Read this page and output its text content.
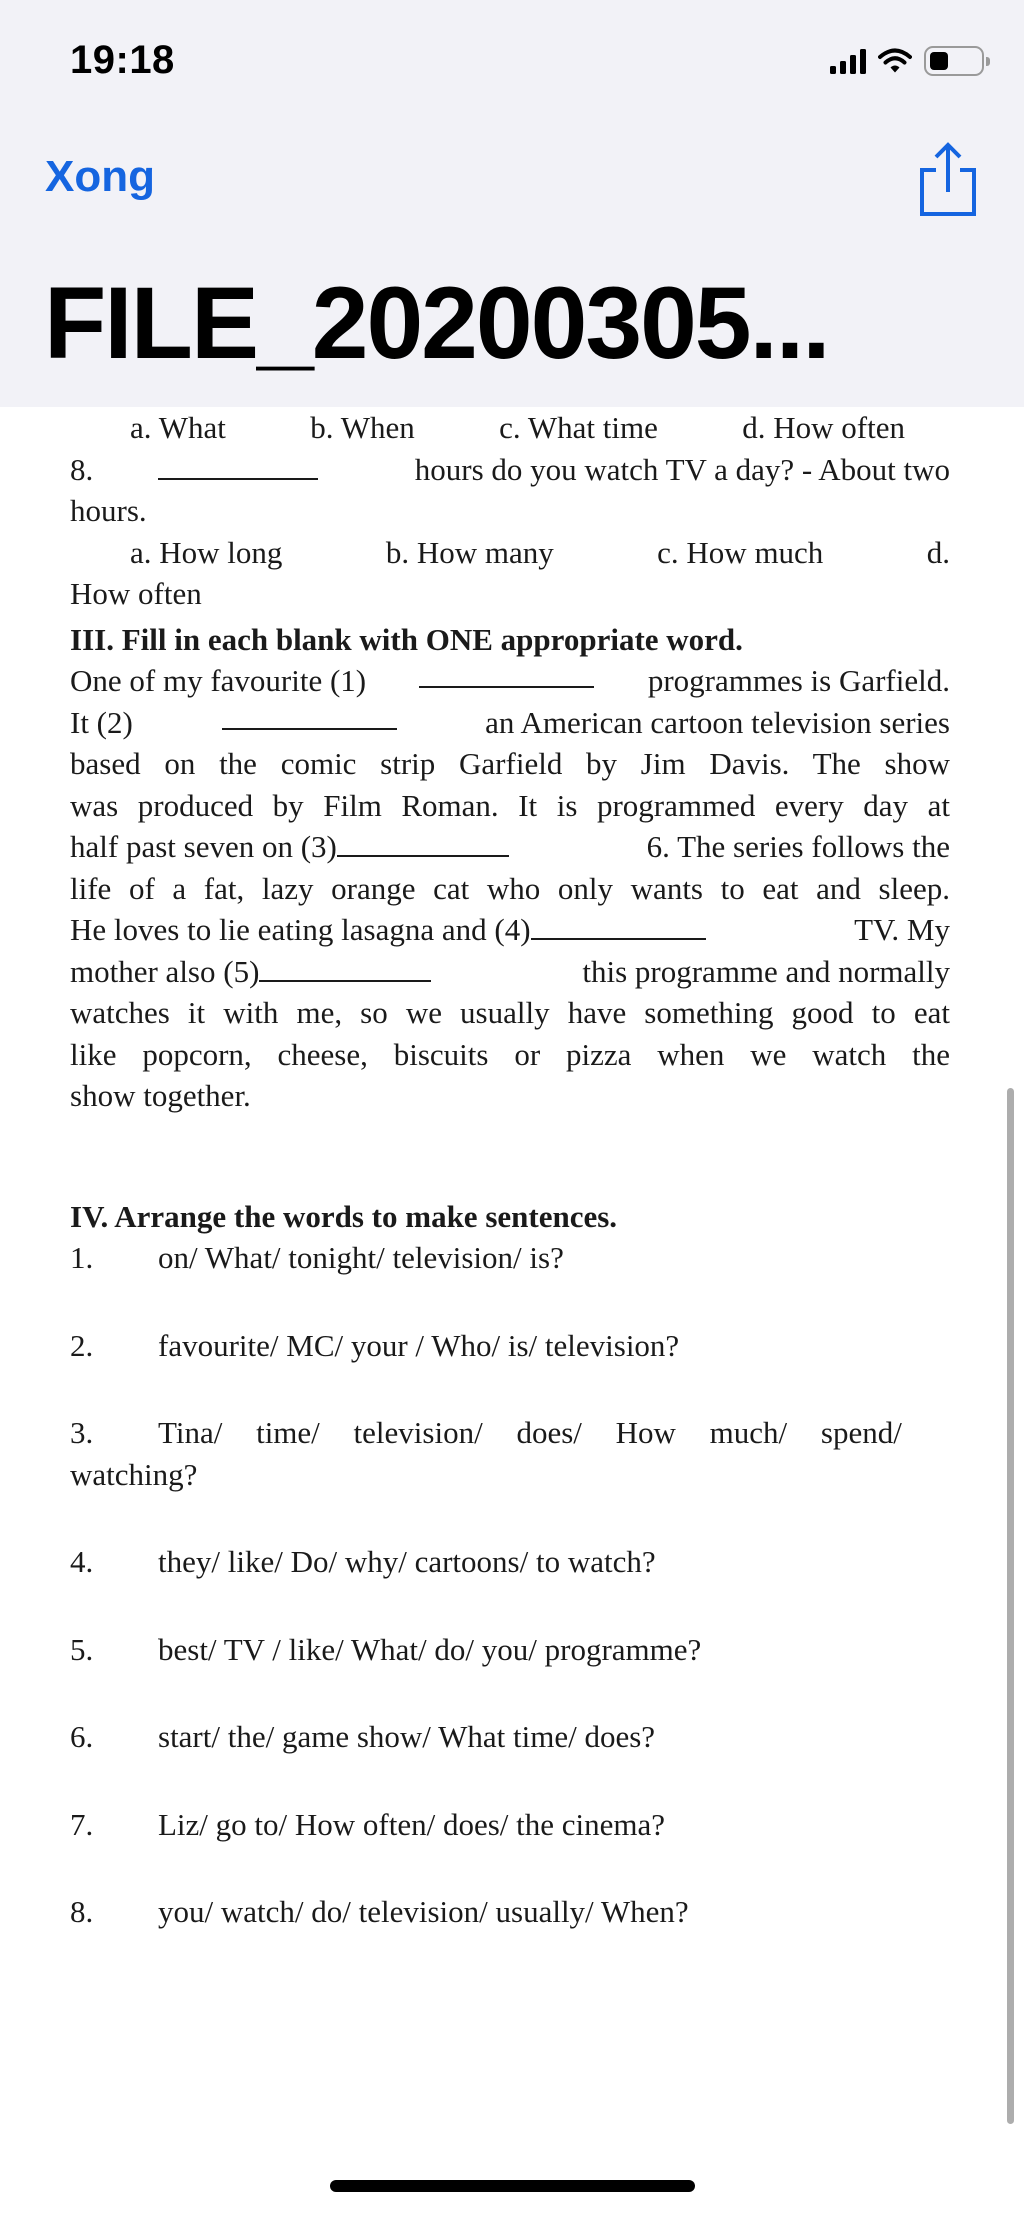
19:18
Xong
FILE_20200305...
a. What	b. When	c. What time	d. How often
8.	hours do you watch TV a day? - About two
hours.
a. How long	b. How many	c. How much	d.
How often
III. Fill in each blank with ONE appropriate word.
One of my favourite (1)	programmes is Garfield.
It (2)	an American cartoon television series
based on the comic strip Garfield by Jim Davis. The show
was produced by Film Roman. It is programmed every day at
half past seven on (3)	6. The series follows the
life of a fat, lazy orange cat who only wants to eat and sleep.
He loves to lie eating lasagna and (4)	TV. My
mother also (5)	this programme and normally
watches it with me, so we usually have something good to eat
like popcorn, cheese, biscuits or pizza when we watch the
show together.
IV. Arrange the words to make sentences.
1. on/ What/ tonight/ television/ is?
2. favourite/ MC/ your / Who/ is/ television?
3. Tina/ time/ television/ does/ How much/ spend/
watching?
4. they/ like/ Do/ why/ cartoons/ to watch?
5. best/ TV / like/ What/ do/ you/ programme?
6. start/ the/ game show/ What time/ does?
7. Liz/ go to/ How often/ does/ the cinema?
8. you/ watch/ do/ television/ usually/ When?
